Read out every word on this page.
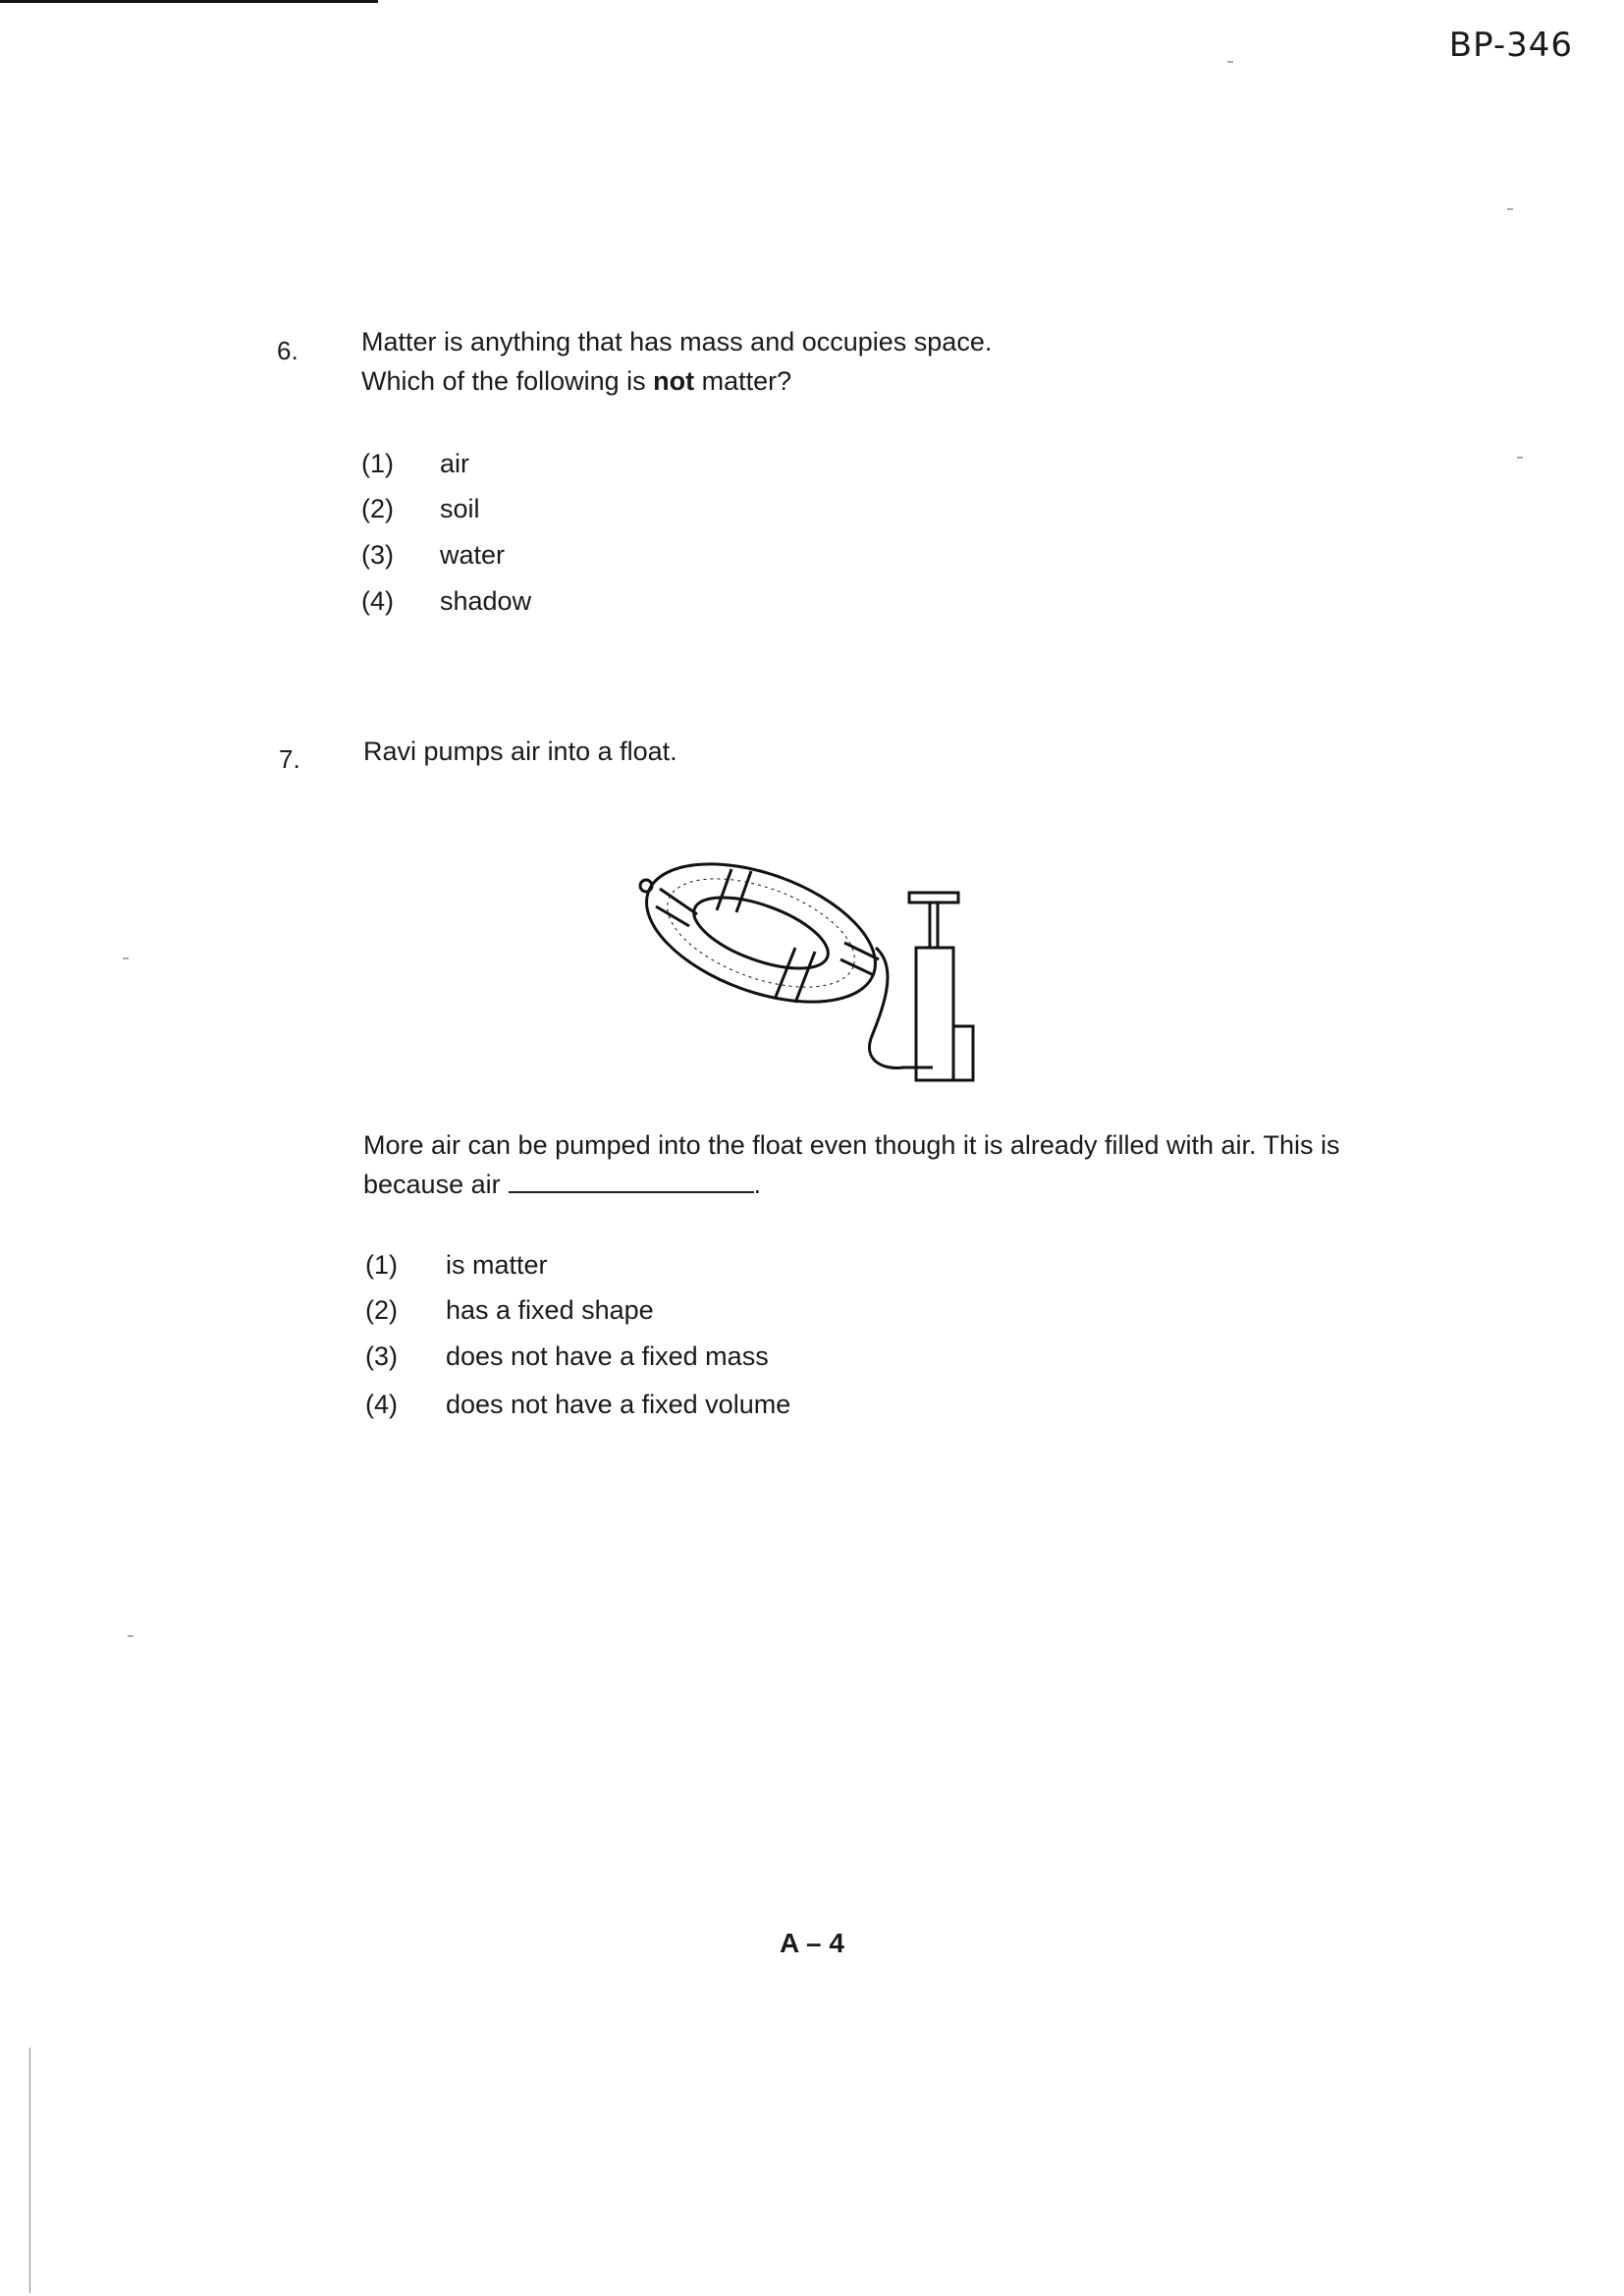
BP-346
6. Matter is anything that has mass and occupies space.
Which of the following is not matter?
(1)	air
(2)	soil
(3)	water
(4)	shadow
7. Ravi pumps air into a float.
More air can be pumped into the float even though it is already filled with air. This is
because air	.
(1)	is matter
(2)	has a fixed shape
(3)	does not have a fixed mass
(4)	does not have a fixed volume
A – 4
